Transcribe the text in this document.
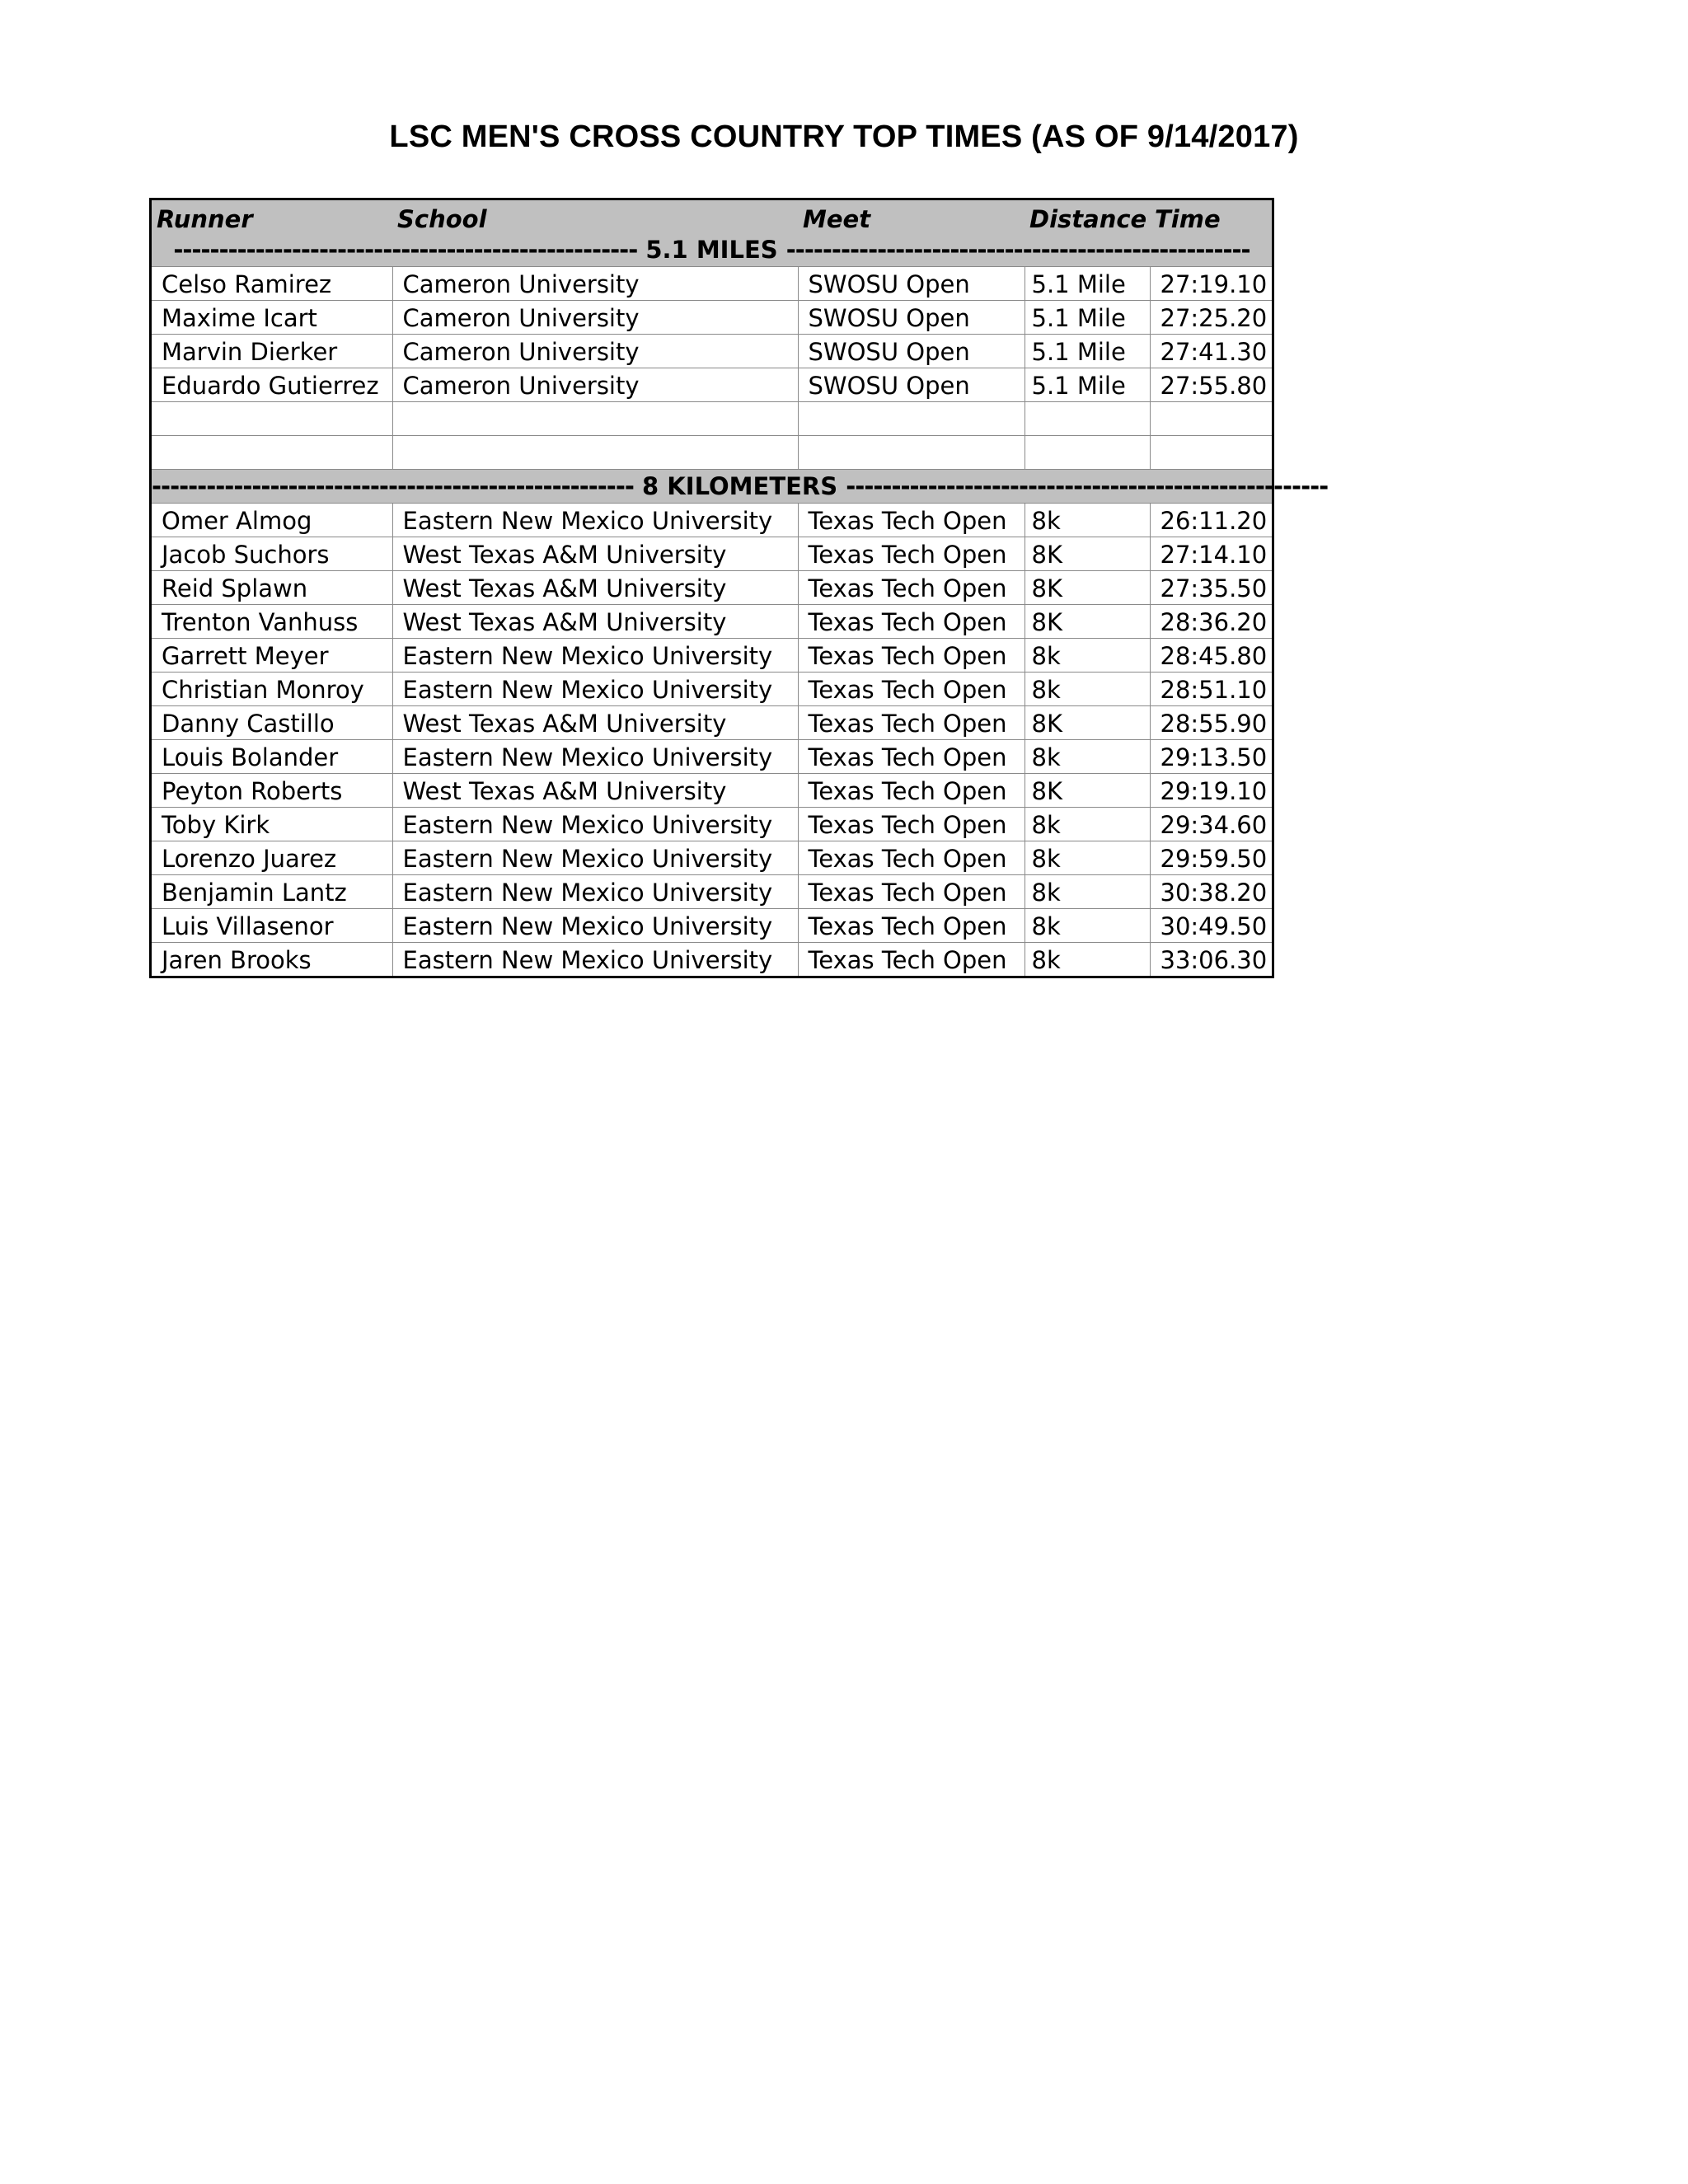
LSC MEN'S CROSS COUNTRY TOP TIMES (AS OF 9/14/2017)
Runner	School	Meet	Distance	Time
--------------------------------------------------- 5.1 MILES ---------------------------------------------------				
Celso Ramirez	Cameron University	SWOSU Open	5.1 Mile	27:19.10
Maxime Icart	Cameron University	SWOSU Open	5.1 Mile	27:25.20
Marvin Dierker	Cameron University	SWOSU Open	5.1 Mile	27:41.30
Eduardo Gutierrez	Cameron University	SWOSU Open	5.1 Mile	27:55.80

----------------------------------------------------- 8 KILOMETERS -----------------------------------------------------				
Omer Almog	Eastern New Mexico University	Texas Tech Open	8k	26:11.20
Jacob Suchors	West Texas A&M University	Texas Tech Open	8K	27:14.10
Reid Splawn	West Texas A&M University	Texas Tech Open	8K	27:35.50
Trenton Vanhuss	West Texas A&M University	Texas Tech Open	8K	28:36.20
Garrett Meyer	Eastern New Mexico University	Texas Tech Open	8k	28:45.80
Christian Monroy	Eastern New Mexico University	Texas Tech Open	8k	28:51.10
Danny Castillo	West Texas A&M University	Texas Tech Open	8K	28:55.90
Louis Bolander	Eastern New Mexico University	Texas Tech Open	8k	29:13.50
Peyton Roberts	West Texas A&M University	Texas Tech Open	8K	29:19.10
Toby Kirk	Eastern New Mexico University	Texas Tech Open	8k	29:34.60
Lorenzo Juarez	Eastern New Mexico University	Texas Tech Open	8k	29:59.50
Benjamin Lantz	Eastern New Mexico University	Texas Tech Open	8k	30:38.20
Luis Villasenor	Eastern New Mexico University	Texas Tech Open	8k	30:49.50
Jaren Brooks	Eastern New Mexico University	Texas Tech Open	8k	33:06.30
